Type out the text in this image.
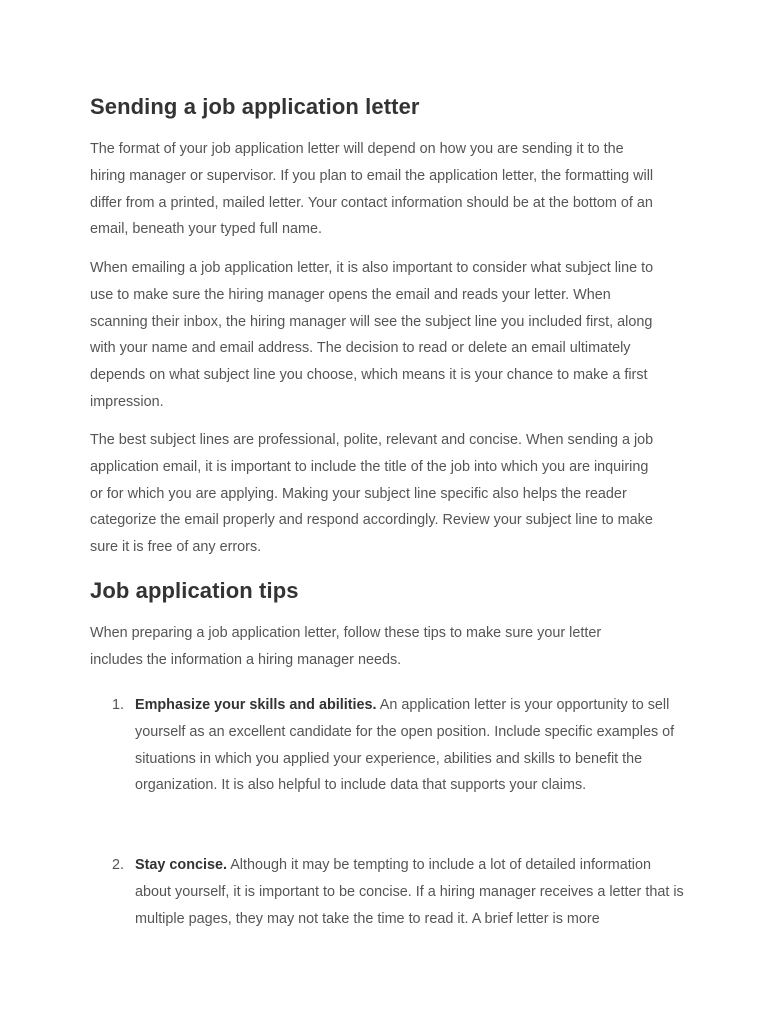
Sending a job application letter

The format of your job application letter will depend on how you are sending it to the hiring manager or supervisor. If you plan to email the application letter, the formatting will differ from a printed, mailed letter. Your contact information should be at the bottom of an email, beneath your typed full name.

When emailing a job application letter, it is also important to consider what subject line to use to make sure the hiring manager opens the email and reads your letter. When scanning their inbox, the hiring manager will see the subject line you included first, along with your name and email address. The decision to read or delete an email ultimately depends on what subject line you choose, which means it is your chance to make a first impression.

The best subject lines are professional, polite, relevant and concise. When sending a job application email, it is important to include the title of the job into which you are inquiring or for which you are applying. Making your subject line specific also helps the reader categorize the email properly and respond accordingly. Review your subject line to make sure it is free of any errors.

Job application tips

When preparing a job application letter, follow these tips to make sure your letter includes the information a hiring manager needs.

1. Emphasize your skills and abilities. An application letter is your opportunity to sell yourself as an excellent candidate for the open position. Include specific examples of situations in which you applied your experience, abilities and skills to benefit the organization. It is also helpful to include data that supports your claims.
2. Stay concise. Although it may be tempting to include a lot of detailed information about yourself, it is important to be concise. If a hiring manager receives a letter that is multiple pages, they may not take the time to read it. A brief letter is more
